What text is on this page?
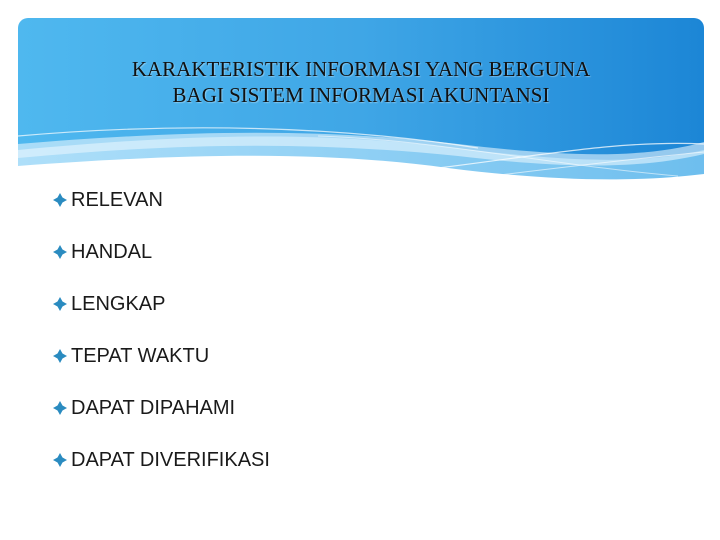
KARAKTERISTIK INFORMASI YANG BERGUNA
BAGI SISTEM INFORMASI AKUNTANSI
RELEVAN
HANDAL
LENGKAP
TEPAT WAKTU
DAPAT DIPAHAMI
DAPAT DIVERIFIKASI
